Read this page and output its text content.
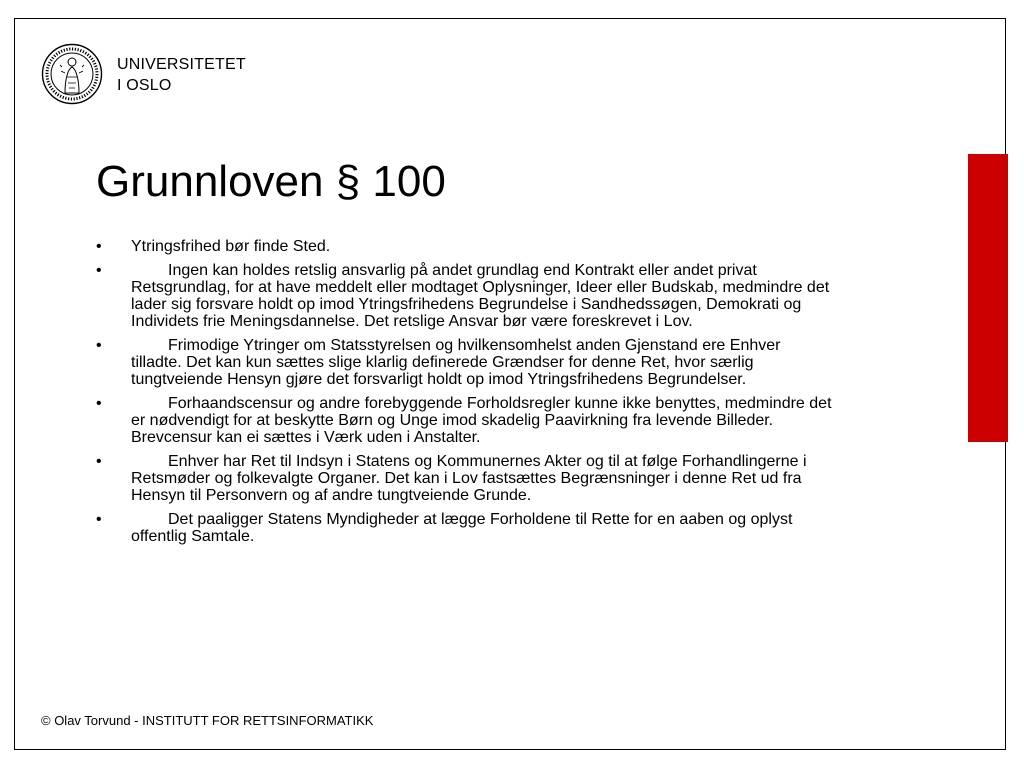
UNIVERSITETET
I OSLO
Grunnloven § 100
• Ytringsfrihed bør finde Sted.
•	Ingen kan holdes retslig ansvarlig på andet grundlag end Kontrakt eller andet privat Retsgrundlag, for at have meddelt eller modtaget Oplysninger, Ideer eller Budskab, medmindre det lader sig forsvare holdt op imod Ytringsfrihedens Begrundelse i Sandhedssøgen, Demokrati og Individets frie Meningsdannelse. Det retslige Ansvar bør være foreskrevet i Lov.
•	Frimodige Ytringer om Statsstyrelsen og hvilkensomhelst anden Gjenstand ere Enhver tilladte. Det kan kun sættes slige klarlig definerede Grændser for denne Ret, hvor særlig tungtveiende Hensyn gjøre det forsvarligt holdt op imod Ytringsfrihedens Begrundelser.
•	Forhaandscensur og andre forebyggende Forholdsregler kunne ikke benyttes, medmindre det er nødvendigt for at beskytte Børn og Unge imod skadelig Paavirkning fra levende Billeder. Brevcensur kan ei sættes i Værk uden i Anstalter.
•	Enhver har Ret til Indsyn i Statens og Kommunernes Akter og til at følge Forhandlingerne i Retsmøder og folkevalgte Organer. Det kan i Lov fastsættes Begrænsninger i denne Ret ud fra Hensyn til Personvern og af andre tungtveiende Grunde.
•	Det paaligger Statens Myndigheder at lægge Forholdene til Rette for en aaben og oplyst offentlig Samtale.
© Olav Torvund - INSTITUTT FOR RETTSINFORMATIKK
